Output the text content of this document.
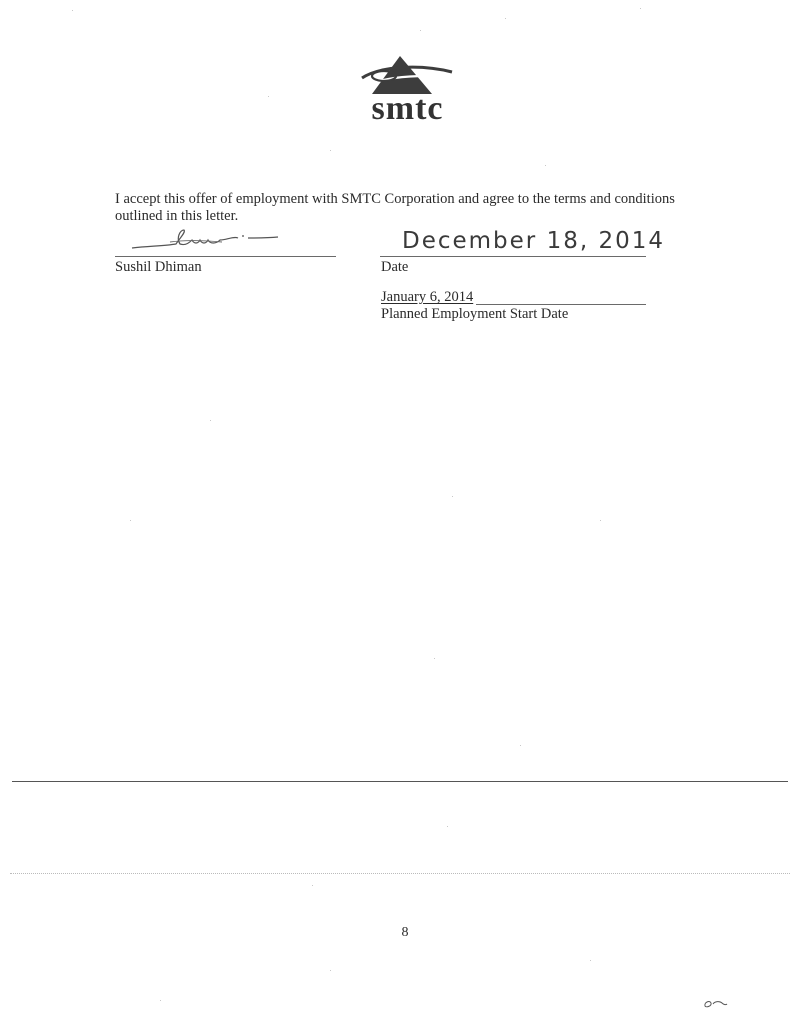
smtc
I accept this offer of employment with SMTC Corporation and agree to the terms and conditions outlined in this letter.
Sushil Dhiman
December 18, 2014
Date
January 6, 2014
Planned Employment Start Date
8
